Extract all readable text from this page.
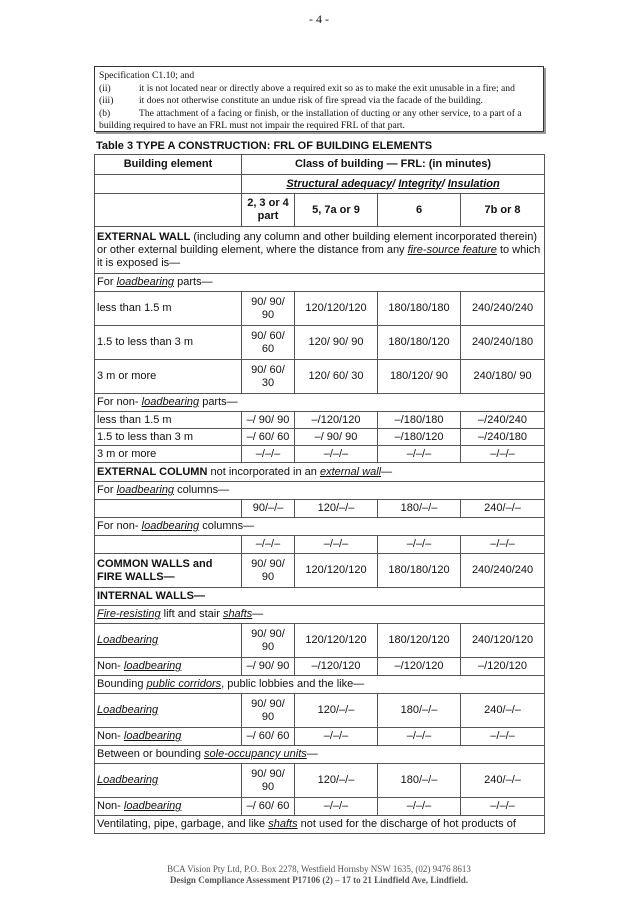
- 4 -
Specification C1.10; and
(ii)	it is not located near or directly above a required exit so as to make the exit unusable in a fire; and
(iii)	it does not otherwise constitute an undue risk of fire spread via the facade of the building.
(b)	The attachment of a facing or finish, or the installation of ducting or any other service, to a part of a
building required to have an FRL must not impair the required FRL of that part.
Table 3 TYPE A CONSTRUCTION: FRL OF BUILDING ELEMENTS
Building element	Class of building — FRL: (in minutes)			
	Structural adequacy/ Integrity/ Insulation			
	2, 3 or 4 part	5, 7a or 9	6	7b or 8
EXTERNAL WALL (including any column and other building element incorporated therein) or other external building element, where the distance from any fire-source feature to which it is exposed is—				
For loadbearing parts—				
less than 1.5 m	90/ 90/ 90	120/120/120	180/180/180	240/240/240
1.5 to less than 3 m	90/ 60/ 60	120/ 90/ 90	180/180/120	240/240/180
3 m or more	90/ 60/ 30	120/ 60/ 30	180/120/ 90	240/180/ 90
For non- loadbearing parts—				
less than 1.5 m	–/ 90/ 90	–/120/120	–/180/180	–/240/240
1.5 to less than 3 m	–/ 60/ 60	–/ 90/ 90	–/180/120	–/240/180
3 m or more	–/–/–	–/–/–	–/–/–	–/–/–
EXTERNAL COLUMN not incorporated in an external wall—				
For loadbearing columns—				
	90/–/–	120/–/–	180/–/–	240/–/–
For non- loadbearing columns—				
	–/–/–	–/–/–	–/–/–	–/–/–
COMMON WALLS and FIRE WALLS—	90/ 90/ 90	120/120/120	180/180/120	240/240/240
INTERNAL WALLS—				
Fire-resisting lift and stair shafts—				
Loadbearing	90/ 90/ 90	120/120/120	180/120/120	240/120/120
Non- loadbearing	–/ 90/ 90	–/120/120	–/120/120	–/120/120
Bounding public corridors, public lobbies and the like—				
Loadbearing	90/ 90/ 90	120/–/–	180/–/–	240/–/–
Non- loadbearing	–/ 60/ 60	–/–/–	–/–/–	–/–/–
Between or bounding sole-occupancy units—				
Loadbearing	90/ 90/ 90	120/–/–	180/–/–	240/–/–
Non- loadbearing	–/ 60/ 60	–/–/–	–/–/–	–/–/–
Ventilating, pipe, garbage, and like shafts not used for the discharge of hot products of				
BCA Vision Pty Ltd, P.O. Box 2278, Westfield Hornsby NSW 1635, (02) 9476 8613
Design Compliance Assessment P17106 (2) – 17 to 21 Lindfield Ave, Lindfield.
